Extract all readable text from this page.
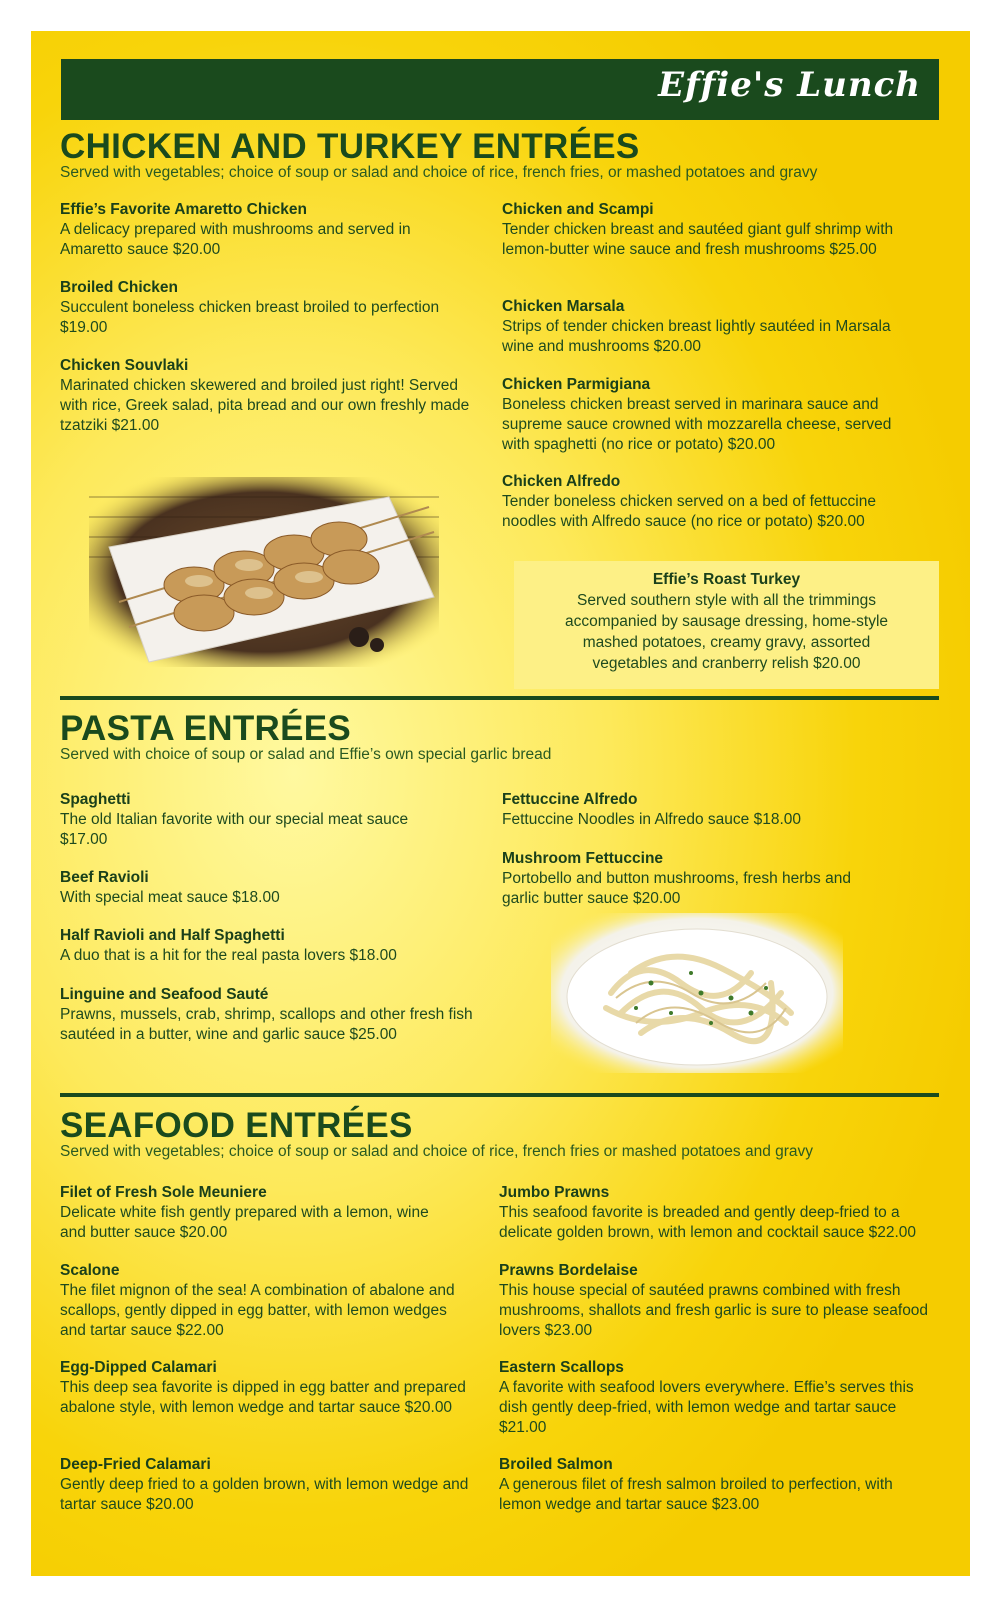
Effie's Lunch
CHICKEN AND TURKEY ENTRÉES
Served with vegetables; choice of soup or salad and choice of rice, french fries, or mashed potatoes and gravy
Effie’s Favorite Amaretto Chicken
A delicacy prepared with mushrooms and served in Amaretto sauce $20.00
Broiled Chicken
Succulent boneless chicken breast broiled to perfection $19.00
Chicken Souvlaki
Marinated chicken skewered and broiled just right! Served with rice, Greek salad, pita bread and our own freshly made tzatziki $21.00
Chicken and Scampi
Tender chicken breast and sautéed giant gulf shrimp with lemon-butter wine sauce and fresh mushrooms $25.00
Chicken Marsala
Strips of tender chicken breast lightly sautéed in Marsala wine and mushrooms $20.00
Chicken Parmigiana
Boneless chicken breast served in marinara sauce and supreme sauce crowned with mozzarella cheese, served with spaghetti (no rice or potato) $20.00
Chicken Alfredo
Tender boneless chicken served on a bed of fettuccine noodles with Alfredo sauce (no rice or potato) $20.00
Effie’s Roast Turkey
Served southern style with all the trimmings accompanied by sausage dressing, home-style mashed potatoes, creamy gravy, assorted vegetables and cranberry relish $20.00
PASTA ENTRÉES
Served with choice of soup or salad and Effie’s own special garlic bread
Spaghetti
The old Italian favorite with our special meat sauce $17.00
Beef Ravioli
With special meat sauce $18.00
Half Ravioli and Half Spaghetti
A duo that is a hit for the real pasta lovers $18.00
Linguine and Seafood Sauté
Prawns, mussels, crab, shrimp, scallops and other fresh fish sautéed in a butter, wine and garlic sauce $25.00
Fettuccine Alfredo
Fettuccine Noodles in Alfredo sauce $18.00
Mushroom Fettuccine
Portobello and button mushrooms, fresh herbs and garlic butter sauce $20.00
SEAFOOD ENTRÉES
Served with vegetables; choice of soup or salad and choice of rice, french fries or mashed potatoes and gravy
Filet of Fresh Sole Meuniere
Delicate white fish gently prepared with a lemon, wine and butter sauce $20.00
Scalone
The filet mignon of the sea! A combination of abalone and scallops, gently dipped in egg batter, with lemon wedges and tartar sauce $22.00
Egg-Dipped Calamari
This deep sea favorite is dipped in egg batter and prepared abalone style, with lemon wedge and tartar sauce $20.00
Deep-Fried Calamari
Gently deep fried to a golden brown, with lemon wedge and tartar sauce $20.00
Jumbo Prawns
This seafood favorite is breaded and gently deep-fried to a delicate golden brown, with lemon and cocktail sauce $22.00
Prawns Bordelaise
This house special of sautéed prawns combined with fresh mushrooms, shallots and fresh garlic is sure to please seafood lovers $23.00
Eastern Scallops
A favorite with seafood lovers everywhere. Effie’s serves this dish gently deep-fried, with lemon wedge and tartar sauce $21.00
Broiled Salmon
A generous filet of fresh salmon broiled to perfection, with lemon wedge and tartar sauce $23.00
